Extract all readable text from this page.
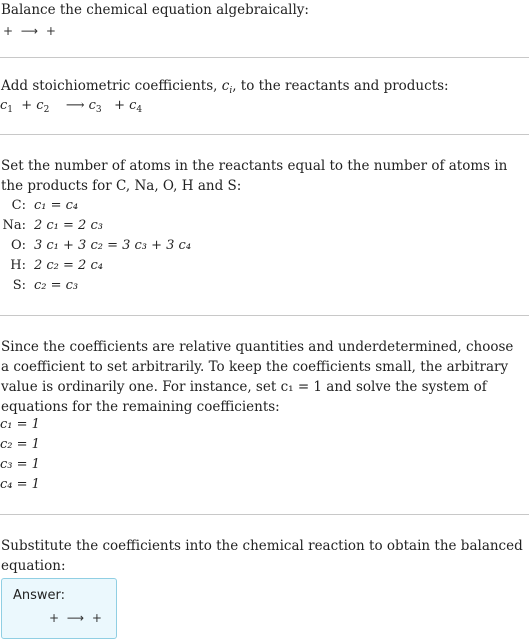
Balance the chemical equation algebraically:
+ ⟶ +
Add stoichiometric coefficients, $c_i$, to the reactants and products:
$c_1 + c_2$ ⟶ $c_3 + c_4$
Set the number of atoms in the reactants equal to the number of atoms in the products for C, Na, O, H and S:
C: c₁ = c₄
Na: 2 c₁ = 2 c₃
O: 3 c₁ + 3 c₂ = 3 c₃ + 3 c₄
H: 2 c₂ = 2 c₄
S: c₂ = c₃
Since the coefficients are relative quantities and underdetermined, choose a coefficient to set arbitrarily. To keep the coefficients small, the arbitrary value is ordinarily one. For instance, set c₁ = 1 and solve the system of equations for the remaining coefficients:
c₁ = 1
c₂ = 1
c₃ = 1
c₄ = 1
Substitute the coefficients into the chemical reaction to obtain the balanced equation:
Answer:
+ ⟶ +
